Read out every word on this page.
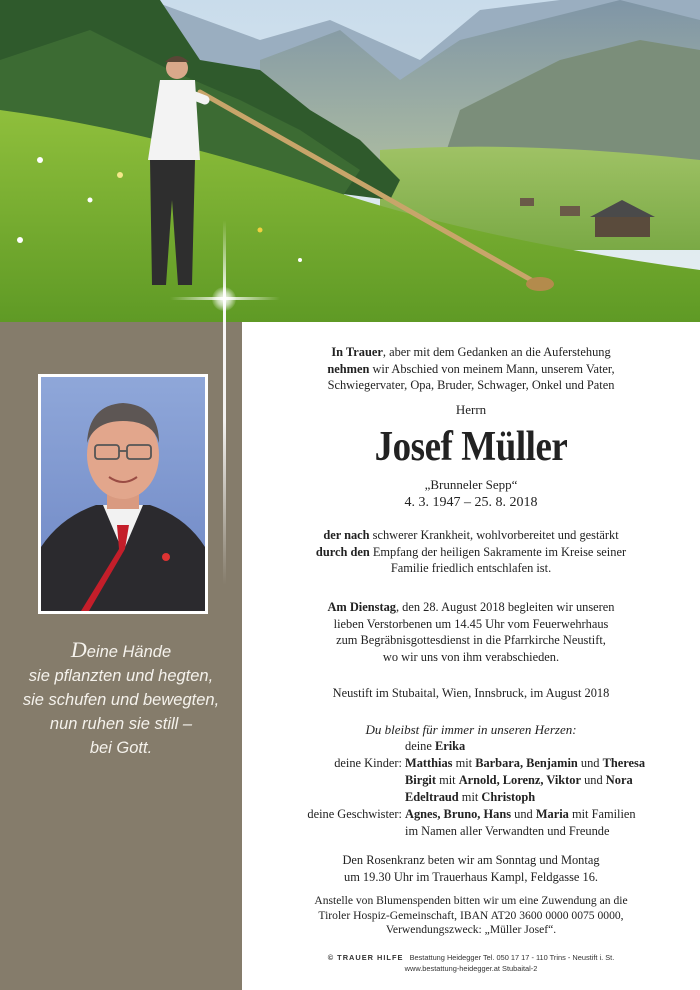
Deine Hände
sie pflanzten und hegten,
sie schufen und bewegten,
nun ruhen sie still –
bei Gott.
In Trauer, aber mit dem Gedanken an die Auferstehung
nehmen wir Abschied von meinem Mann, unserem Vater,
Schwiegervater, Opa, Bruder, Schwager, Onkel und Paten
Herrn
Josef Müller
„Brunneler Sepp“
4. 3. 1947 – 25. 8. 2018
der nach schwerer Krankheit, wohlvorbereitet und gestärkt
durch den Empfang der heiligen Sakramente im Kreise seiner
Familie friedlich entschlafen ist.
Am Dienstag, den 28. August 2018 begleiten wir unseren
lieben Verstorbenen um 14.45 Uhr vom Feuerwehrhaus
zum Begräbnisgottesdienst in die Pfarrkirche Neustift,
wo wir uns von ihm verabschieden.
Neustift im Stubaital, Wien, Innsbruck, im August 2018
Du bleibst für immer in unseren Herzen:
deine Erika
deine Kinder: Matthias mit Barbara, Benjamin und Theresa
Birgit mit Arnold, Lorenz, Viktor und Nora
Edeltraud mit Christoph
deine Geschwister: Agnes, Bruno, Hans und Maria mit Familien
im Namen aller Verwandten und Freunde
Den Rosenkranz beten wir am Sonntag und Montag
um 19.30 Uhr im Trauerhaus Kampl, Feldgasse 16.
Anstelle von Blumenspenden bitten wir um eine Zuwendung an die
Tiroler Hospiz-Gemeinschaft, IBAN AT20 3600 0000 0075 0000,
Verwendungszweck: „Müller Josef“.
© TRAUER HILFE Bestattung Heidegger Tel. 050 17 17 - 110 Trins - Neustift i. St.
www.bestattung-heidegger.at Stubaital-2
